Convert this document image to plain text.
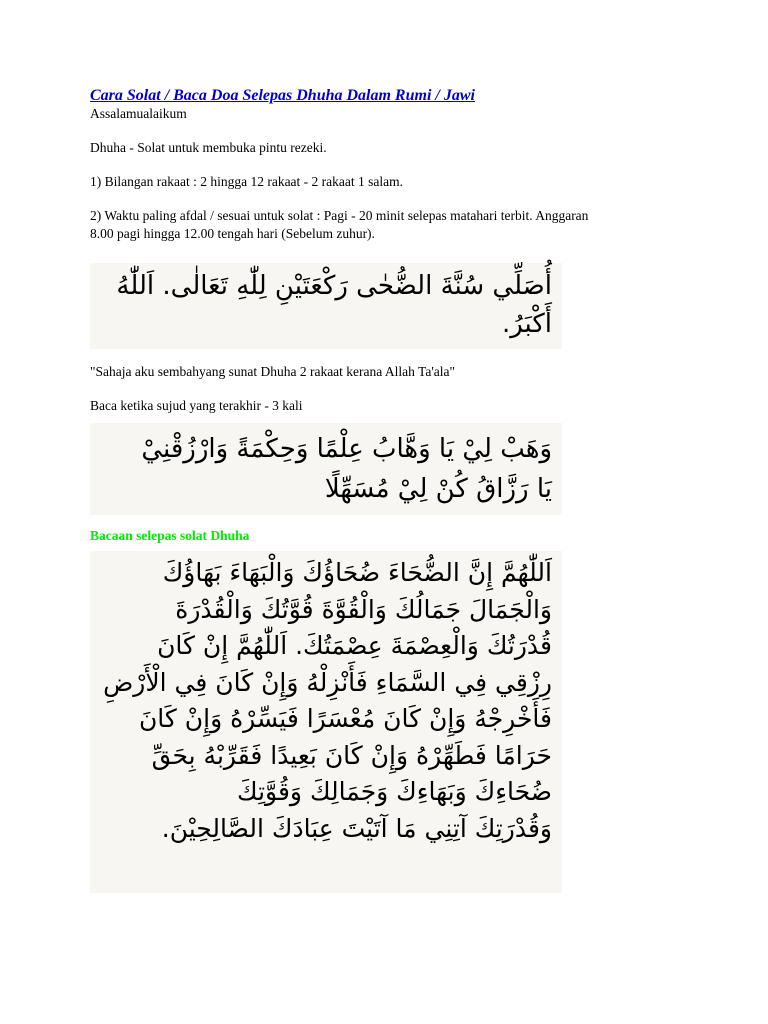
Cara Solat / Baca Doa Selepas Dhuha Dalam Rumi / Jawi

Assalamualaikum

Dhuha - Solat untuk membuka pintu rezeki.

1) Bilangan rakaat : 2 hingga 12 rakaat - 2 rakaat 1 salam.

2) Waktu paling afdal / sesuai untuk solat : Pagi - 20 minit selepas matahari terbit. Anggaran

8.00 pagi hingga 12.00 tengah hari (Sebelum zuhur).

أُصَلِّي سُنَّةَ الضُّحٰى رَكْعَتَيْنِ لِلّٰهِ تَعَالٰى. اَللّٰهُ
أَكْبَرُ.

"Sahaja aku sembahyang sunat Dhuha 2 rakaat kerana Allah Ta'ala"

Baca ketika sujud yang terakhir - 3 kali

وَهَبْ لِيْ يَا وَهَّابُ عِلْمًا وَحِكْمَةً وَارْزُقْنِيْ
يَا رَزَّاقُ كُنْ لِيْ مُسَهِّلًا

Bacaan selepas solat Dhuha

اَللّٰهُمَّ إِنَّ الضُّحَاءَ ضُحَاؤُكَ وَالْبَهَاءَ بَهَاؤُكَ
وَالْجَمَالَ جَمَالُكَ وَالْقُوَّةَ قُوَّتُكَ وَالْقُدْرَةَ
قُدْرَتُكَ وَالْعِصْمَةَ عِصْمَتُكَ. اَللّٰهُمَّ إِنْ كَانَ
رِزْقِي فِي السَّمَاءِ فَأَنْزِلْهُ وَإِنْ كَانَ فِي الْأَرْضِ
فَأَخْرِجْهُ وَإِنْ كَانَ مُعْسَرًا فَيَسِّرْهُ وَإِنْ كَانَ
حَرَامًا فَطَهِّرْهُ وَإِنْ كَانَ بَعِيدًا فَقَرِّبْهُ بِحَقِّ
ضُحَاءِكَ وَبَهَاءِكَ وَجَمَالِكَ وَقُوَّتِكَ
وَقُدْرَتِكَ آتِنِي مَا آتَيْتَ عِبَادَكَ الصَّالِحِيْنَ.
